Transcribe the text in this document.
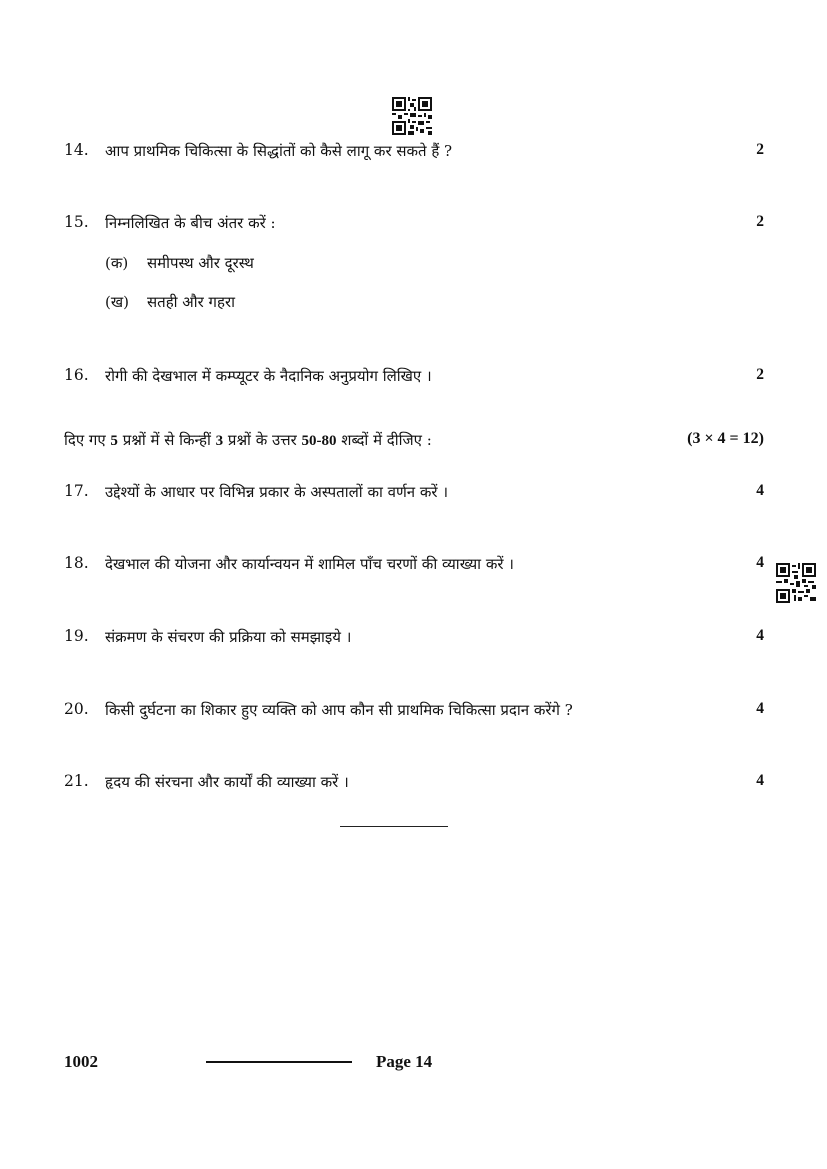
14. आप प्राथमिक चिकित्सा के सिद्धांतों को कैसे लागू कर सकते हैं ?	2
15. निम्नलिखित के बीच अंतर करें :	2
(क) समीपस्थ और दूरस्थ
(ख) सतही और गहरा
16. रोगी की देखभाल में कम्प्यूटर के नैदानिक अनुप्रयोग लिखिए ।	2
दिए गए 5 प्रश्नों में से किन्हीं 3 प्रश्नों के उत्तर 50-80 शब्दों में दीजिए :	(3 × 4 = 12)
17. उद्देश्यों के आधार पर विभिन्न प्रकार के अस्पतालों का वर्णन करें ।	4
18. देखभाल की योजना और कार्यान्वयन में शामिल पाँच चरणों की व्याख्या करें ।	4
19. संक्रमण के संचरण की प्रक्रिया को समझाइये ।	4
20. किसी दुर्घटना का शिकार हुए व्यक्ति को आप कौन सी प्राथमिक चिकित्सा प्रदान करेंगे ?	4
21. हृदय की संरचना और कार्यों की व्याख्या करें ।	4
1002	Page 14
